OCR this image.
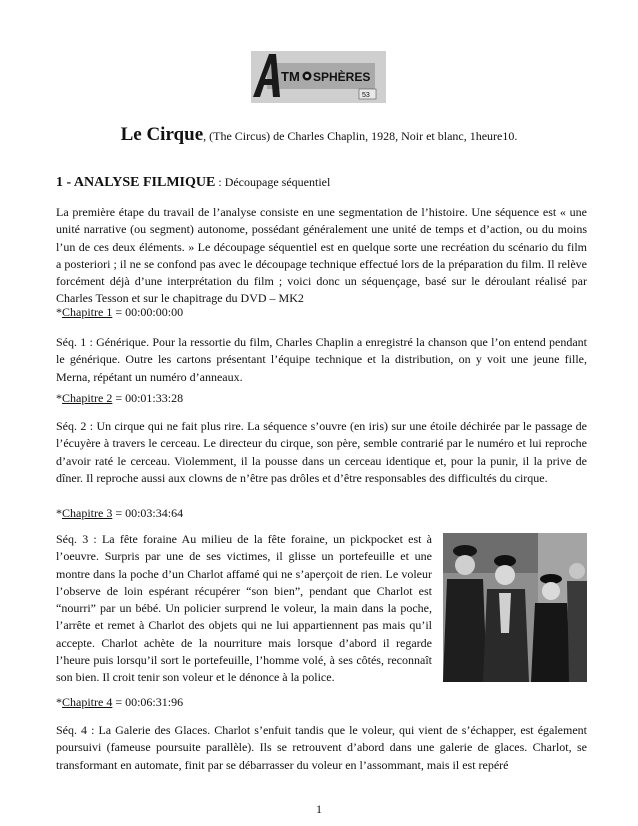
TM SPHÈRES
53
Le Cirque, (The Circus) de Charles Chaplin, 1928, Noir et blanc, 1heure10.
1 - ANALYSE FILMIQUE : Découpage séquentiel

La première étape du travail de l’analyse consiste en une segmentation de l’histoire. Une séquence est « une unité narrative (ou segment) autonome, possédant généralement une unité de temps et d’action, ou du moins l’un de ces deux éléments. » Le découpage séquentiel est en quelque sorte une recréation du scénario du film a posteriori ; il ne se confond pas avec le découpage technique effectué lors de la préparation du film. Il relève forcément déjà d’une interprétation du film ; voici donc un séquençage, basé sur le déroulant réalisé par Charles Tesson et sur le chapitrage du DVD – MK2

*Chapitre 1 = 00:00:00:00

Séq. 1 : Générique. Pour la ressortie du film, Charles Chaplin a enregistré la chanson que l’on entend pendant le générique. Outre les cartons présentant l’équipe technique et la distribution, on y voit une jeune fille, Merna, répétant un numéro d’anneaux.

*Chapitre 2 = 00:01:33:28

Séq. 2 : Un cirque qui ne fait plus rire. La séquence s’ouvre (en iris) sur une étoile déchirée par le passage de l’écuyère à travers le cerceau. Le directeur du cirque, son père, semble contrarié par le numéro et lui reproche d’avoir raté le cerceau. Violemment, il la pousse dans un cerceau identique et, pour la punir, il la prive de dîner. Il reproche aussi aux clowns de n’être pas drôles et d’être responsables des difficultés du cirque.

*Chapitre 3 = 00:03:34:64

Séq. 3 : La fête foraine Au milieu de la fête foraine, un pickpocket est à l’oeuvre. Surpris par une de ses victimes, il glisse un portefeuille et une montre dans la poche d’un Charlot affamé qui ne s’aperçoit de rien. Le voleur l’observe de loin espérant récupérer “son bien”, pendant que Charlot est “nourri” par un bébé. Un policier surprend le voleur, la main dans la poche, l’arrête et remet à Charlot des objets qui ne lui appartiennent pas mais qu’il accepte. Charlot achète de la nourriture mais lorsque d’abord il regarde l’heure puis lorsqu’il sort le portefeuille, l’homme volé, à ses côtés, reconnaît son bien. Il croit tenir son voleur et le dénonce à la police.

*Chapitre 4 = 00:06:31:96

Séq. 4 : La Galerie des Glaces. Charlot s’enfuit tandis que le voleur, qui vient de s’échapper, est également poursuivi (fameuse poursuite parallèle). Ils se retrouvent d’abord dans une galerie de glaces. Charlot, se transformant en automate, finit par se débarrasser du voleur en l’assommant, mais il est repéré

1
